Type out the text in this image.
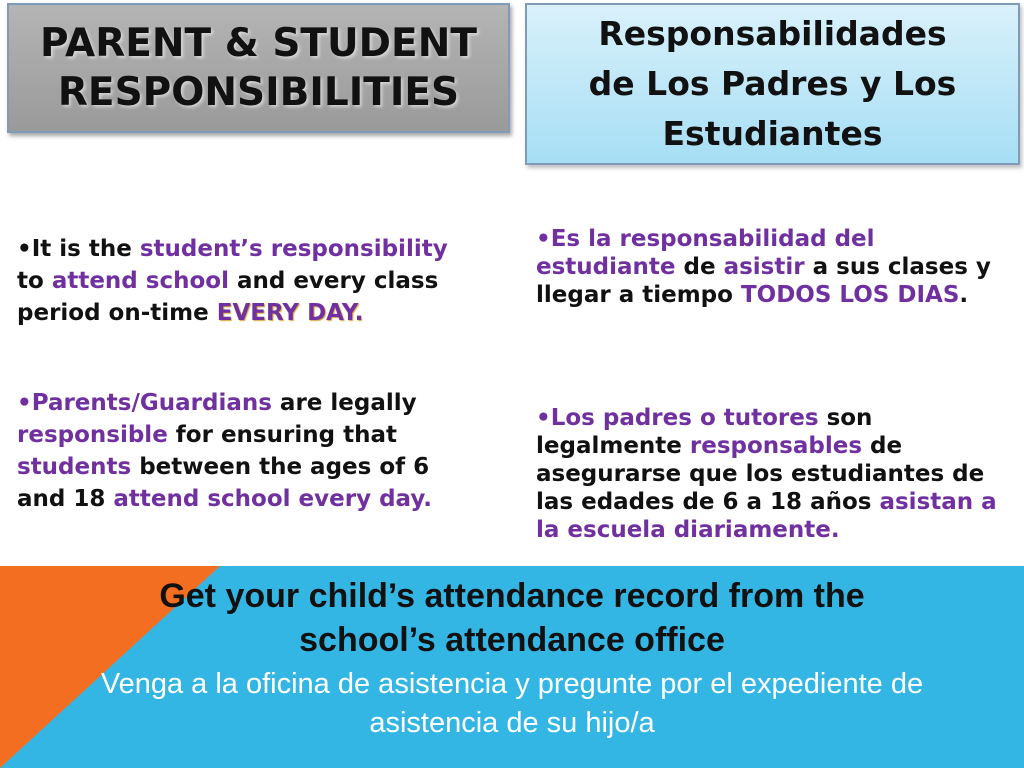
PARENT & STUDENT
RESPONSIBILITIES
Responsabilidades
de Los Padres y Los
Estudiantes

•It is the student’s responsibility to attend school and every class period on-time EVERY DAY.

•Parents/Guardians are legally responsible for ensuring that students between the ages of 6 and 18 attend school every day.

•Es la responsabilidad del estudiante de asistir a sus clases y llegar a tiempo TODOS LOS DIAS.

•Los padres o tutores son legalmente responsables de asegurarse que los estudiantes de las edades de 6 a 18 años asistan a la escuela diariamente.

Get your child’s attendance record from the
school’s attendance office

Venga a la oficina de asistencia y pregunte por el expediente de
asistencia de su hijo/a
